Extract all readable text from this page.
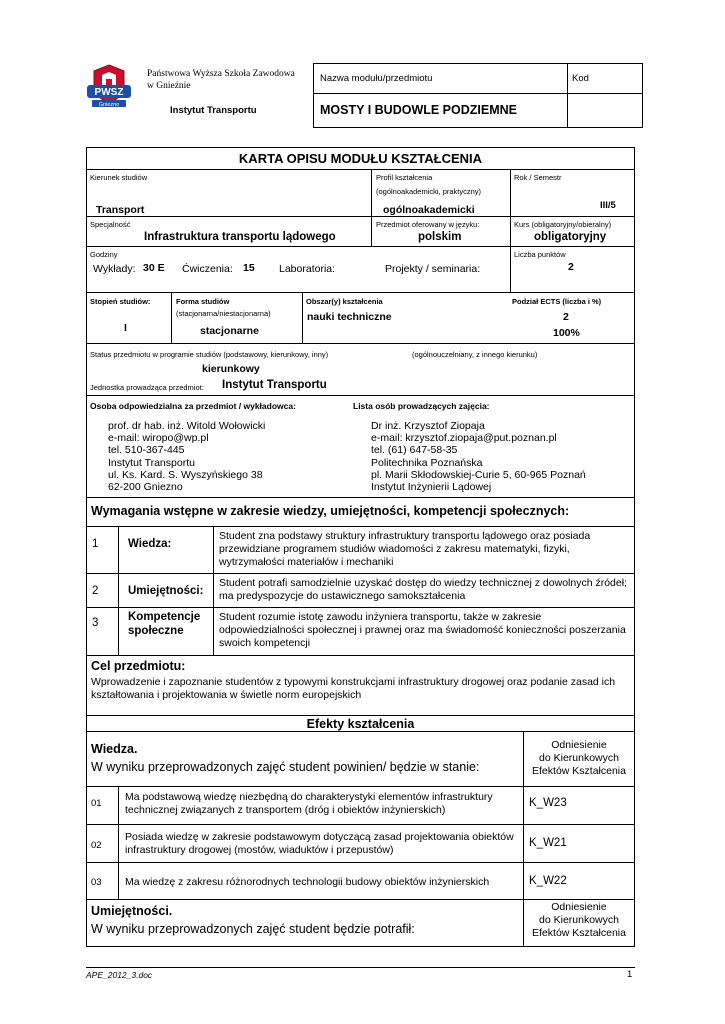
PWSZ
Gniezno
Państwowa Wyższa Szkoła Zawodowa
w Gnieźnie
Instytut Transportu
Nazwa modułu/przedmiotu	Kod
MOSTY I BUDOWLE PODZIEMNE
KARTA OPISU MODUŁU KSZTAŁCENIA
Kierunek studiów
Transport
Profil kształcenia
(ogólnoakademicki, praktyczny)
ogólnoakademicki
Rok / Semestr
III/5
Specjalność
Infrastruktura transportu lądowego
Przedmiot oferowany w języku:
polskim
Kurs (obligatoryjny/obieralny)
obligatoryjny
Godziny
Wykłady: 30 E Ćwiczenia: 15 Laboratoria:	Projekty / seminaria:
Liczba punktów
2
Stopień studiów:
I
Forma studiów
(stacjonarna/niestacjonarna)
stacjonarne
Obszar(y) kształcenia
nauki techniczne
Podział ECTS (liczba i %)
2
100%
Status przedmiotu w programie studiów (podstawowy, kierunkowy, inny)	(ogólnouczelniany, z innego kierunku)
kierunkowy
Jednostka prowadząca przedmiot: Instytut Transportu
Osoba odpowiedzialna za przedmiot / wykładowca:	Lista osób prowadzących zajęcia:
prof. dr hab. inż. Witold Wołowicki
e-mail: wiropo@wp.pl
tel. 510-367-445
Instytut Transportu
ul. Ks. Kard. S. Wyszyńskiego 38
62-200 Gniezno
Dr inż. Krzysztof Ziopaja
e-mail: krzysztof.ziopaja@put.poznan.pl
tel. (61) 647-58-35
Politechnika Poznańska
pl. Marii Skłodowskiej-Curie 5, 60-965 Poznań
Instytut Inżynierii Lądowej
Wymagania wstępne w zakresie wiedzy, umiejętności, kompetencji społecznych:
1	Wiedza:
Student zna podstawy struktury infrastruktury transportu lądowego oraz posiada przewidziane programem studiów wiadomości z zakresu matematyki, fizyki, wytrzymałości materiałów i mechaniki
2	Umiejętności:
Student potrafi samodzielnie uzyskać dostęp do wiedzy technicznej z dowolnych źródeł; ma predyspozycje do ustawicznego samokształcenia
3	Kompetencje społeczne
Student rozumie istotę zawodu inżyniera transportu, także w zakresie odpowiedzialności społecznej i prawnej oraz ma świadomość konieczności poszerzania swoich kompetencji
Cel przedmiotu:
Wprowadzenie i zapoznanie studentów z typowymi konstrukcjami infrastruktury drogowej oraz podanie zasad ich kształtowania i projektowania w świetle norm europejskich
Efekty kształcenia
Wiedza.
W wyniku przeprowadzonych zajęć student powinien/ będzie w stanie:
Odniesienie
do Kierunkowych
Efektów Kształcenia
01
Ma podstawową wiedzę niezbędną do charakterystyki elementów infrastruktury technicznej związanych z transportem (dróg i obiektów inżynierskich)
K_W23
02
Posiada wiedzę w zakresie podstawowym dotyczącą zasad projektowania obiektów infrastruktury drogowej (mostów, wiaduktów i przepustów)
K_W21
03 Ma wiedzę z zakresu różnorodnych technologii budowy obiektów inżynierskich	K_W22
Umiejętności.
W wyniku przeprowadzonych zajęć student będzie potrafił:
Odniesienie
do Kierunkowych
Efektów Kształcenia
APE_2012_3.doc	1
